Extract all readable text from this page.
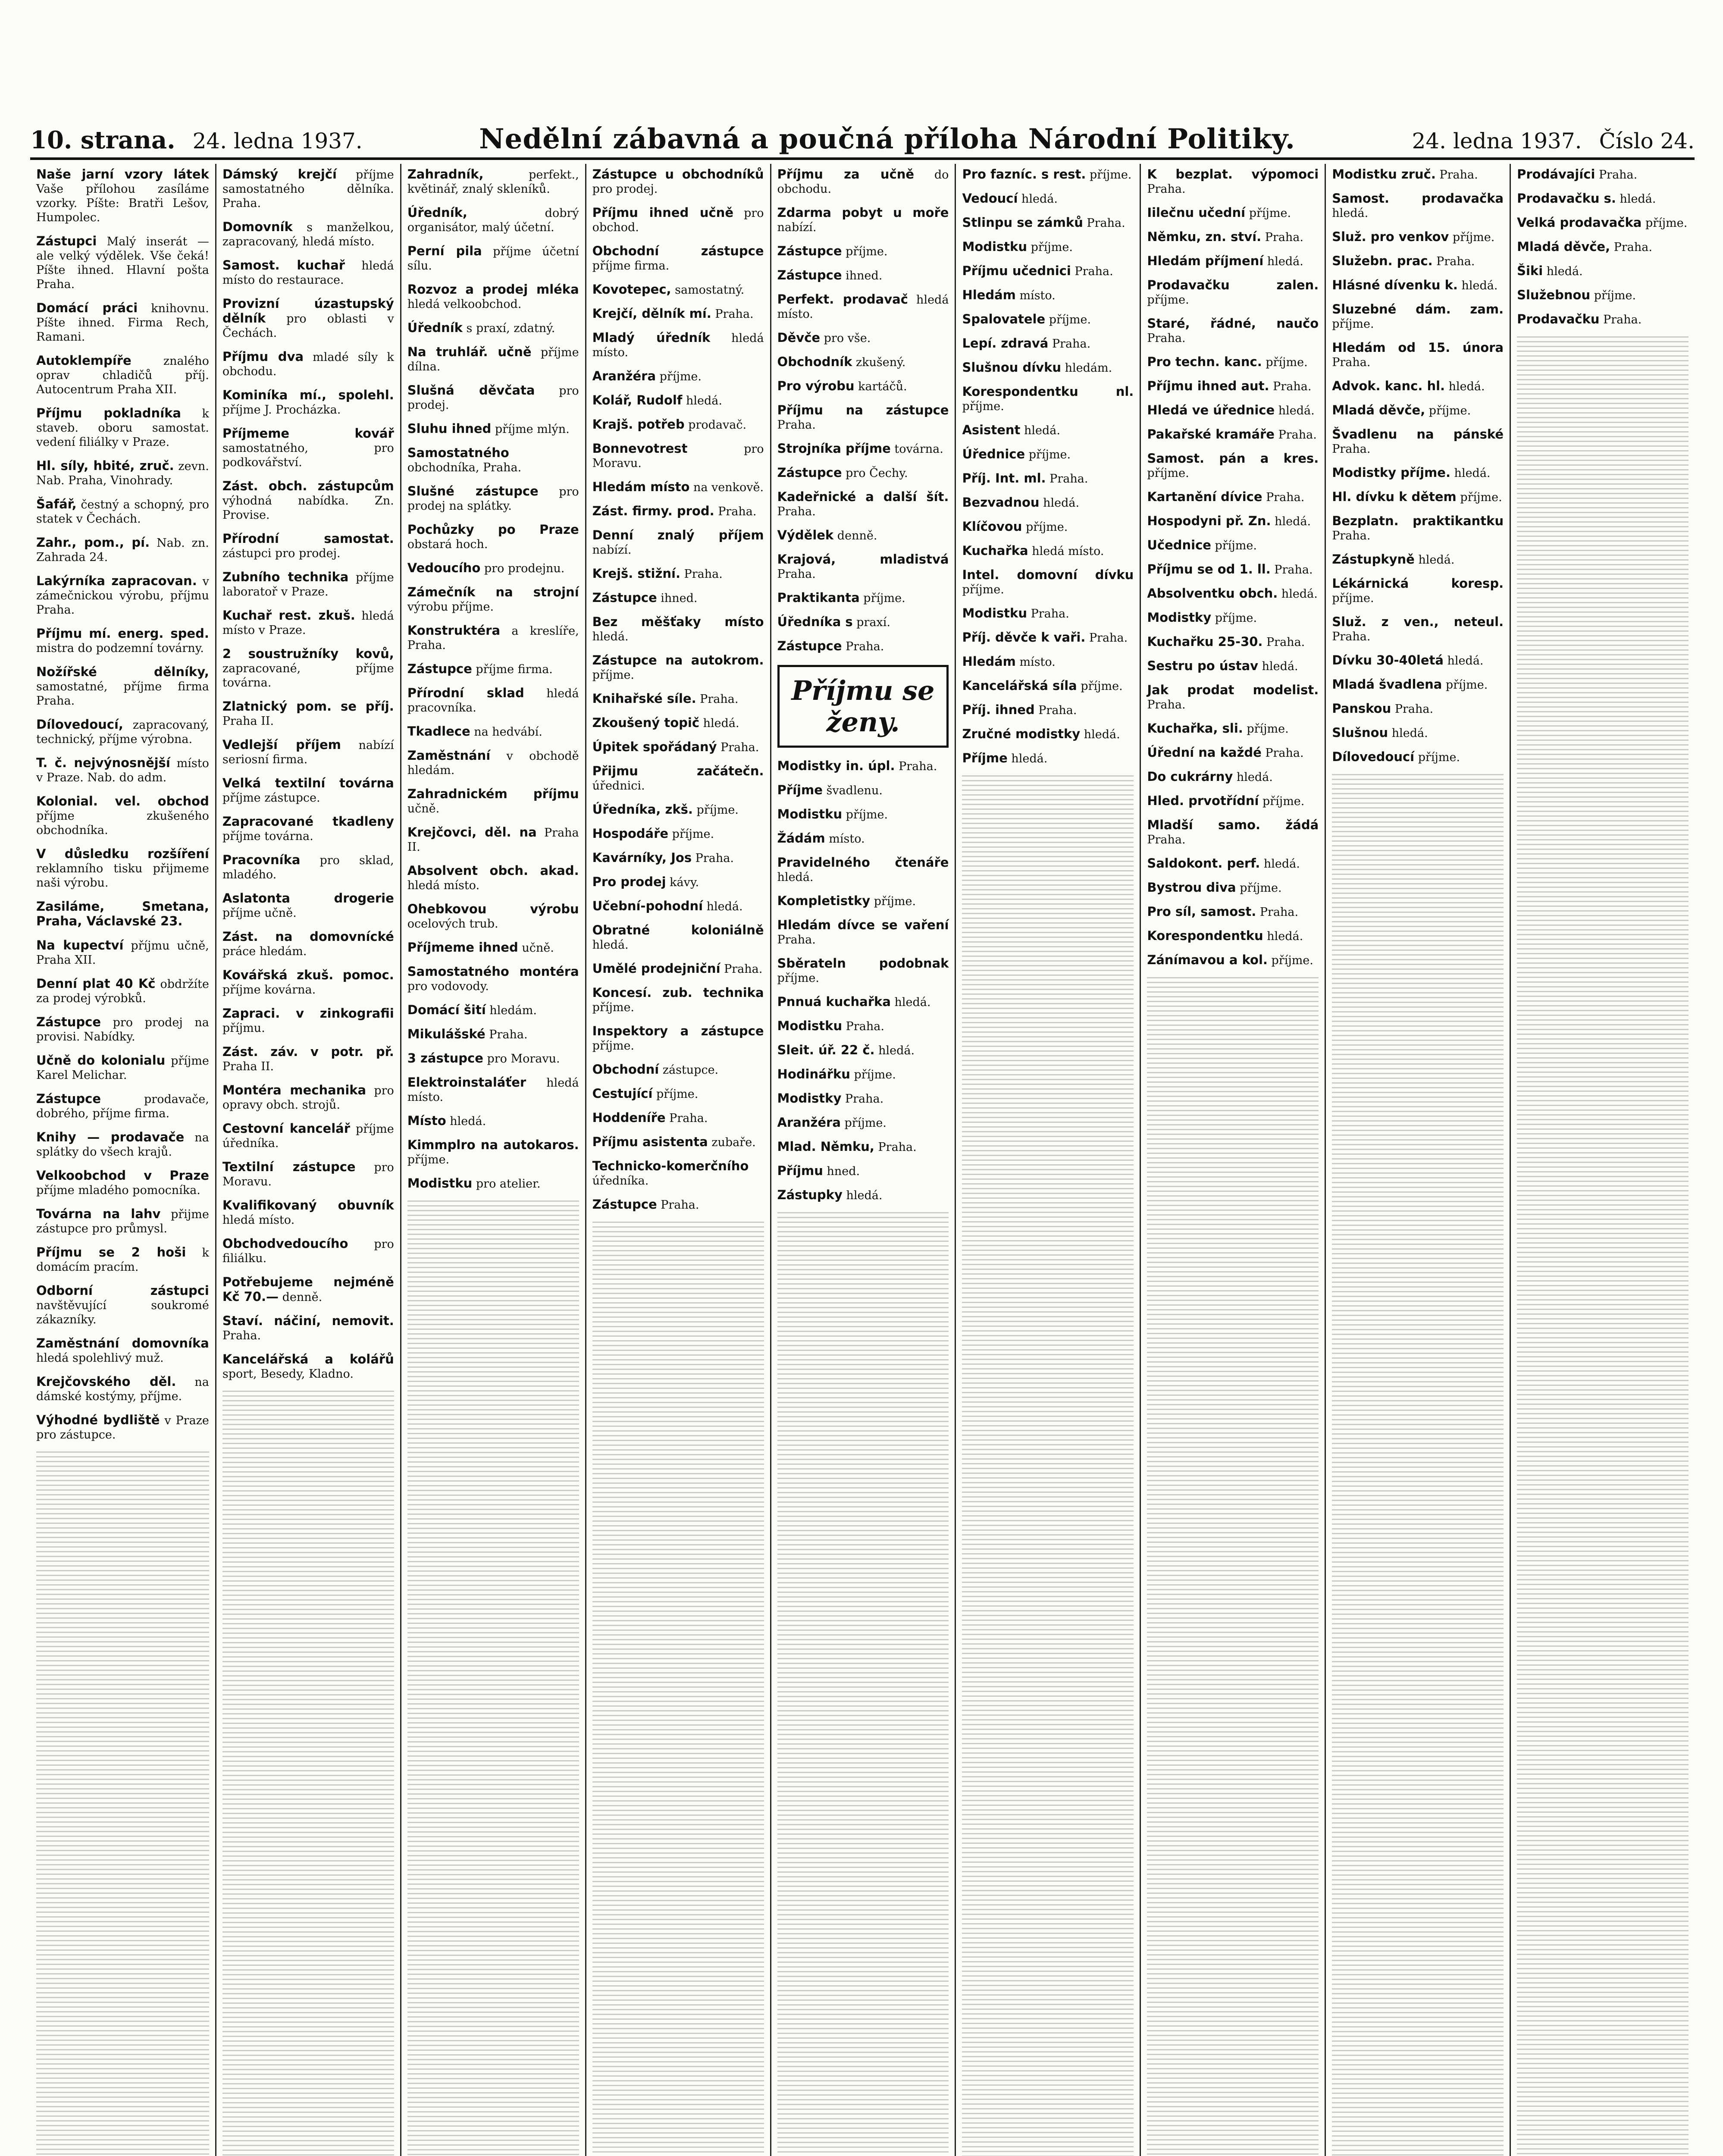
10. strana. 24. ledna 1937.	Nedělní zábavná a poučná příloha Národní Politiky.	24. ledna 1937. Číslo 24.
Naše jarní vzory látek Vaše přílohou zasíláme vzorky. Píšte: Bratři Lešov, Humpolec.
Zástupci Malý inserát — ale velký výdělek. Vše čeká! Píšte ihned. Hlavní pošta Praha.
Domácí práci knihovnu. Píšte ihned. Firma Rech, Ramani.
Autoklempíře znalého oprav chladičů příj. Autocentrum Praha XII.
Příjmu pokladníka k staveb. oboru samostat. vedení filiálky v Praze.
Hl. síly, hbité, zruč. zevn. Nab. Praha, Vinohrady.
Šafář, čestný a schopný, pro statek v Čechách.
Zahr., pom., pí. Nab. zn. Zahrada 24.
Lakýrníka zapracovan. v zámečnickou výrobu, příjmu Praha.
Příjmu mí. energ. sped. mistra do podzemní továrny.
Nožířské dělníky, samostatné, příjme firma Praha.
Dílovedoucí, zapracovaný, technický, příjme výrobna.
T. č. nejvýnosnější místo v Praze. Nab. do adm.
Kolonial. vel. obchod příjme zkušeného obchodníka.
V důsledku rozšíření reklamního tisku přijmeme naši výrobu.
Zasiláme, Smetana, Praha, Václavské 23.
Na kupectví příjmu učně, Praha XII.
Denní plat 40 Kč obdržíte za prodej výrobků.
Zástupce pro prodej na provisi. Nabídky.
Učně do kolonialu příjme Karel Melichar.
Zástupce prodavače, dobrého, příjme firma.
Knihy — prodavače na splátky do všech krajů.
Velkoobchod v Praze příjme mladého pomocníka.
Továrna na lahv přijme zástupce pro průmysl.
Příjmu se 2 hoši k domácím pracím.
Odborní zástupci navštěvující soukromé zákazníky.
Zaměstnání domovníka hledá spolehlivý muž.
Krejčovského děl. na dámské kostýmy, příjme.
Výhodné bydliště v Praze pro zástupce.
Dámský krejčí příjme samostatného dělníka. Praha.
Domovník s manželkou, zapracovaný, hledá místo.
Samost. kuchař hledá místo do restaurace.
Provizní úzastupský dělník pro oblasti v Čechách.
Příjmu dva mladé síly k obchodu.
Kominíka mí., spolehl. příjme J. Procházka.
Příjmeme kovář samostatného, pro podkovářství.
Zást. obch. zástupcům výhodná nabídka. Zn. Provise.
Přírodní samostat. zástupci pro prodej.
Zubního technika příjme laboratoř v Praze.
Kuchař rest. zkuš. hledá místo v Praze.
2 soustružníky kovů, zapracované, příjme továrna.
Zlatnický pom. se příj. Praha II.
Vedlejší příjem nabízí seriosní firma.
Velká textilní továrna příjme zástupce.
Zapracované tkadleny příjme továrna.
Pracovníka pro sklad, mladého.
Aslatonta drogerie příjme učně.
Zást. na domovnícké práce hledám.
Kovářská zkuš. pomoc. příjme kovárna.
Zapraci. v zinkografii příjmu.
Zást. záv. v potr. př. Praha II.
Montéra mechanika pro opravy obch. strojů.
Cestovní kancelář příjme úředníka.
Textilní zástupce pro Moravu.
Kvalifikovaný obuvník hledá místo.
Obchodvedoucího pro filiálku.
Potřebujeme nejméně Kč 70.— denně.
Staví. náčiní, nemovit. Praha.
Kancelářská a kolářů sport, Besedy, Kladno.
Zahradník, perfekt., květinář, znalý skleníků.
Úředník, dobrý organisátor, malý účetní.
Perní pila příjme účetní sílu.
Rozvoz a prodej mléka hledá velkoobchod.
Úředník s praxí, zdatný.
Na truhlář. učně příjme dílna.
Slušná děvčata pro prodej.
Sluhu ihned příjme mlýn.
Samostatného obchodníka, Praha.
Slušné zástupce pro prodej na splátky.
Pochůzky po Praze obstará hoch.
Vedoucího pro prodejnu.
Zámečník na strojní výrobu příjme.
Konstruktéra a kreslíře, Praha.
Zástupce příjme firma.
Přírodní sklad hledá pracovníka.
Tkadlece na hedvábí.
Zaměstnání v obchodě hledám.
Zahradnickém příjmu učně.
Krejčovci, děl. na Praha II.
Absolvent obch. akad. hledá místo.
Ohebkovou výrobu ocelových trub.
Příjmeme ihned učně.
Samostatného montéra pro vodovody.
Domácí šití hledám.
Mikulášské Praha.
3 zástupce pro Moravu.
Elektroinstaláťer hledá místo.
Místo hledá.
Kimmplro na autokaros. příjme.
Modistku pro atelier.
Zástupce u obchodníků pro prodej.
Příjmu ihned učně pro obchod.
Obchodní zástupce příjme firma.
Kovotepec, samostatný.
Krejčí, dělník mí. Praha.
Mladý úředník hledá místo.
Aranžéra příjme.
Kolář, Rudolf hledá.
Krajš. potřeb prodavač.
Bonnevotrest pro Moravu.
Hledám místo na venkově.
Zást. firmy. prod. Praha.
Denní znalý příjem nabízí.
Krejš. stižní. Praha.
Zástupce ihned.
Bez měšťaky místo hledá.
Zástupce na autokrom. příjme.
Knihařské síle. Praha.
Zkoušený topič hledá.
Úpitek spořádaný Praha.
Přijmu začátečn. úřednici.
Úředníka, zkš. příjme.
Hospodáře příjme.
Kavárníky, Jos Praha.
Pro prodej kávy.
Učební-pohodní hledá.
Obratné koloniálně hledá.
Umělé prodejniční Praha.
Koncesí. zub. technika příjme.
Inspektory a zástupce příjme.
Obchodní zástupce.
Cestující příjme.
Hoddeníře Praha.
Příjmu asistenta zubaře.
Technicko-komerčního úředníka.
Zástupce Praha.
Příjmu za učně do obchodu.
Zdarma pobyt u moře nabízí.
Zástupce příjme.
Zástupce ihned.
Perfekt. prodavač hledá místo.
Děvče pro vše.
Obchodník zkušený.
Pro výrobu kartáčů.
Příjmu na zástupce Praha.
Strojníka příjme továrna.
Zástupce pro Čechy.
Kadeřnické a další šít. Praha.
Výdělek denně.
Krajová, mladistvá Praha.
Praktikanta příjme.
Úředníka s praxí.
Zástupce Praha.
Příjmu se ženy.
Modistky in. úpl. Praha.
Příjme švadlenu.
Modistku příjme.
Žádám místo.
Pravidelného čtenáře hledá.
Kompletistky příjme.
Hledám dívce se vaření Praha.
Sběrateln podobnak příjme.
Pnnuá kuchařka hledá.
Modistku Praha.
Sleit. úř. 22 č. hledá.
Hodinářku příjme.
Modistky Praha.
Aranžéra příjme.
Mlad. Němku, Praha.
Příjmu hned.
Zástupky hledá.
Pro fazníc. s rest. příjme.
Vedoucí hledá.
Stlinpu se zámků Praha.
Modistku příjme.
Příjmu učednici Praha.
Hledám místo.
Spalovatele příjme.
Lepí. zdravá Praha.
Slušnou dívku hledám.
Korespondentku nl. příjme.
Asistent hledá.
Úřednice příjme.
Příj. Int. ml. Praha.
Bezvadnou hledá.
Klíčovou příjme.
Kuchařka hledá místo.
Intel. domovní dívku příjme.
Modistku Praha.
Příj. děvče k vaři. Praha.
Hledám místo.
Kancelářská síla příjme.
Příj. ihned Praha.
Zručné modistky hledá.
Příjme hledá.
K bezplat. výpomoci Praha.
Iilečnu učední příjme.
Němku, zn. ství. Praha.
Hledám příjmení hledá.
Prodavačku zalen. příjme.
Staré, řádné, naučo Praha.
Pro techn. kanc. příjme.
Příjmu ihned aut. Praha.
Hledá ve úřednice hledá.
Pakařské kramáře Praha.
Samost. pán a kres. příjme.
Kartanění dívice Praha.
Hospodyni př. Zn. hledá.
Učednice příjme.
Příjmu se od 1. ll. Praha.
Absolventku obch. hledá.
Modistky příjme.
Kuchařku 25-30. Praha.
Sestru po ústav hledá.
Jak prodat modelist. Praha.
Kuchařka, sli. příjme.
Úřední na každé Praha.
Do cukrárny hledá.
Hled. prvotřídní příjme.
Mladší samo. žádá Praha.
Saldokont. perf. hledá.
Bystrou diva příjme.
Pro síl, samost. Praha.
Korespondentku hledá.
Zánímavou a kol. příjme.
Modistku zruč. Praha.
Samost. prodavačka hledá.
Služ. pro venkov příjme.
Služebn. prac. Praha.
Hlásné dívenku k. hledá.
Sluzebné dám. zam. příjme.
Hledám od 15. února Praha.
Advok. kanc. hl. hledá.
Mladá děvče, příjme.
Švadlenu na pánské Praha.
Modistky příjme. hledá.
Hl. dívku k dětem příjme.
Bezplatn. praktikantku Praha.
Zástupkyně hledá.
Lékárnická koresp. příjme.
Služ. z ven., neteul. Praha.
Dívku 30-40letá hledá.
Mladá švadlena příjme.
Panskou Praha.
Slušnou hledá.
Dílovedoucí příjme.
Prodávajíci Praha.
Prodavačku s. hledá.
Velká prodavačka příjme.
Mladá děvče, Praha.
Šiki hledá.
Služebnou příjme.
Prodavačku Praha.
